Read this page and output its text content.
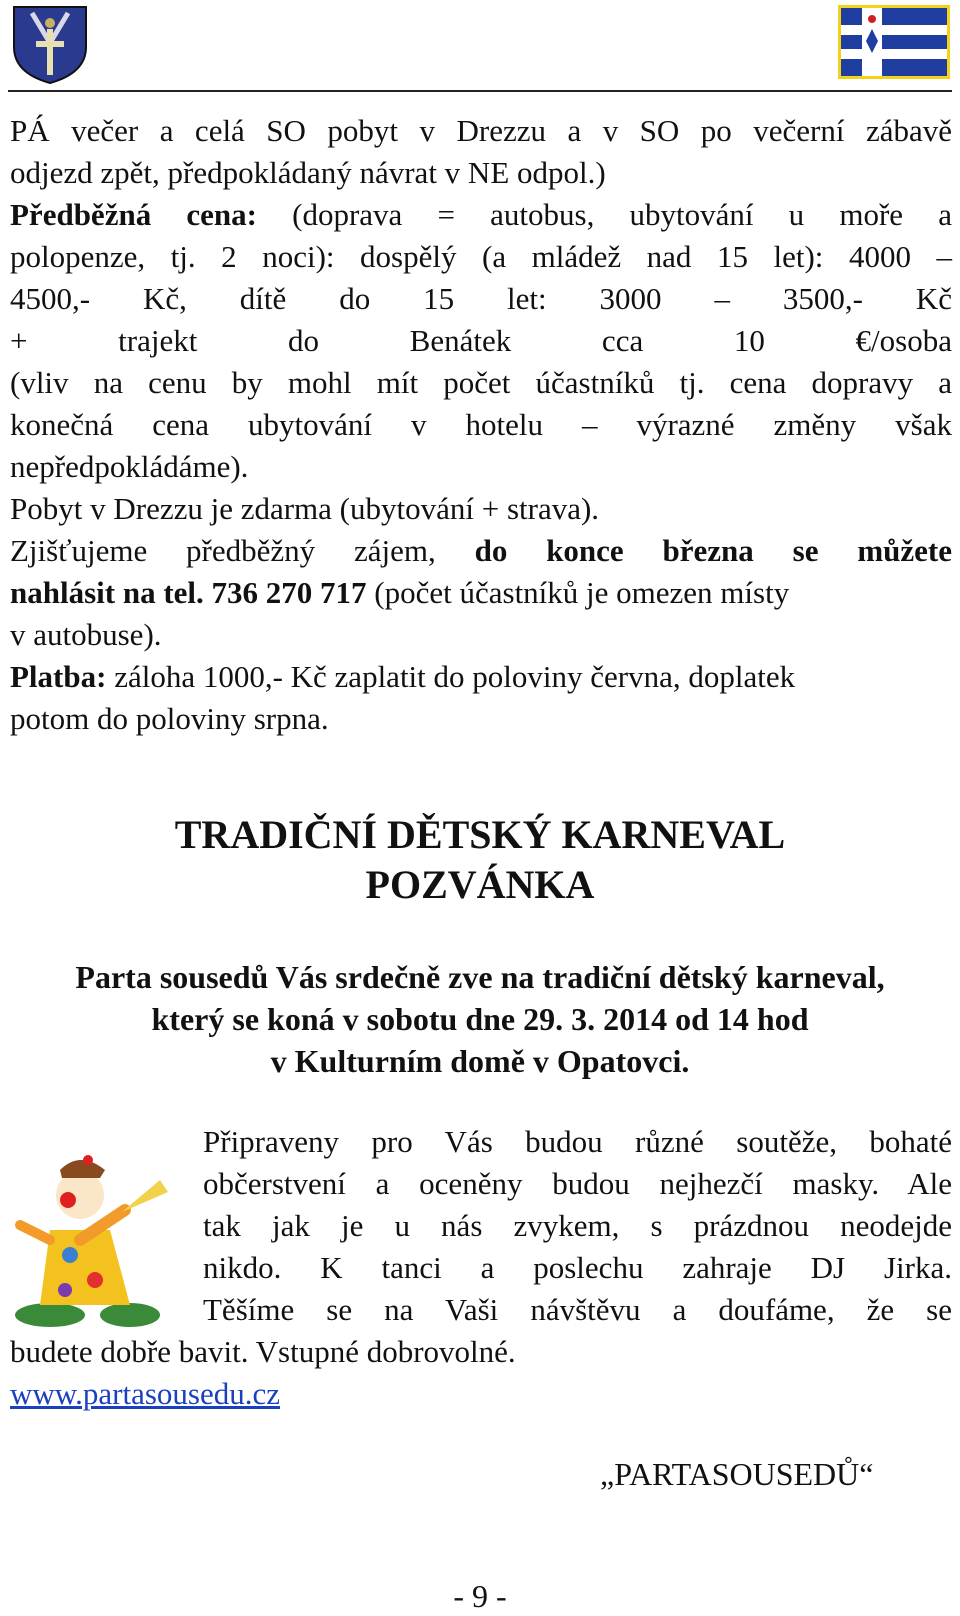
PÁ večer a celá SO pobyt v Drezzu a v SO po večerní zábavě
odjezd zpět, předpokládaný návrat v NE odpol.)
Předběžná cena: (doprava = autobus, ubytování u moře a
polopenze, tj. 2 noci): dospělý (a mládež nad 15 let): 4000 –
4500,- Kč, dítě do 15 let: 3000 – 3500,- Kč
+ trajekt do Benátek cca 10 €/osoba
(vliv na cenu by mohl mít počet účastníků tj. cena dopravy a
konečná cena ubytování v hotelu – výrazné změny však
nepředpokládáme).
Pobyt v Drezzu je zdarma (ubytování + strava).
Zjišťujeme předběžný zájem, do konce března se můžete
nahlásit na tel. 736 270 717 (počet účastníků je omezen místy
v autobuse).
Platba: záloha 1000,- Kč zaplatit do poloviny června, doplatek
potom do poloviny srpna.
TRADIČNÍ DĚTSKÝ KARNEVAL
POZVÁNKA
Parta sousedů Vás srdečně zve na tradiční dětský karneval,
který se koná v sobotu dne 29. 3. 2014 od 14 hod
v Kulturním domě v Opatovci.
Připraveny pro Vás budou různé soutěže, bohaté
občerstvení a oceněny budou nejhezčí masky. Ale
tak jak je u nás zvykem, s prázdnou neodejde
nikdo. K tanci a poslechu zahraje DJ Jirka.
Těšíme se na Vaši návštěvu a doufáme, že se
budete dobře bavit. Vstupné dobrovolné.
www.partasousedu.cz
„PARTASOUSEDŮ“
- 9 -
